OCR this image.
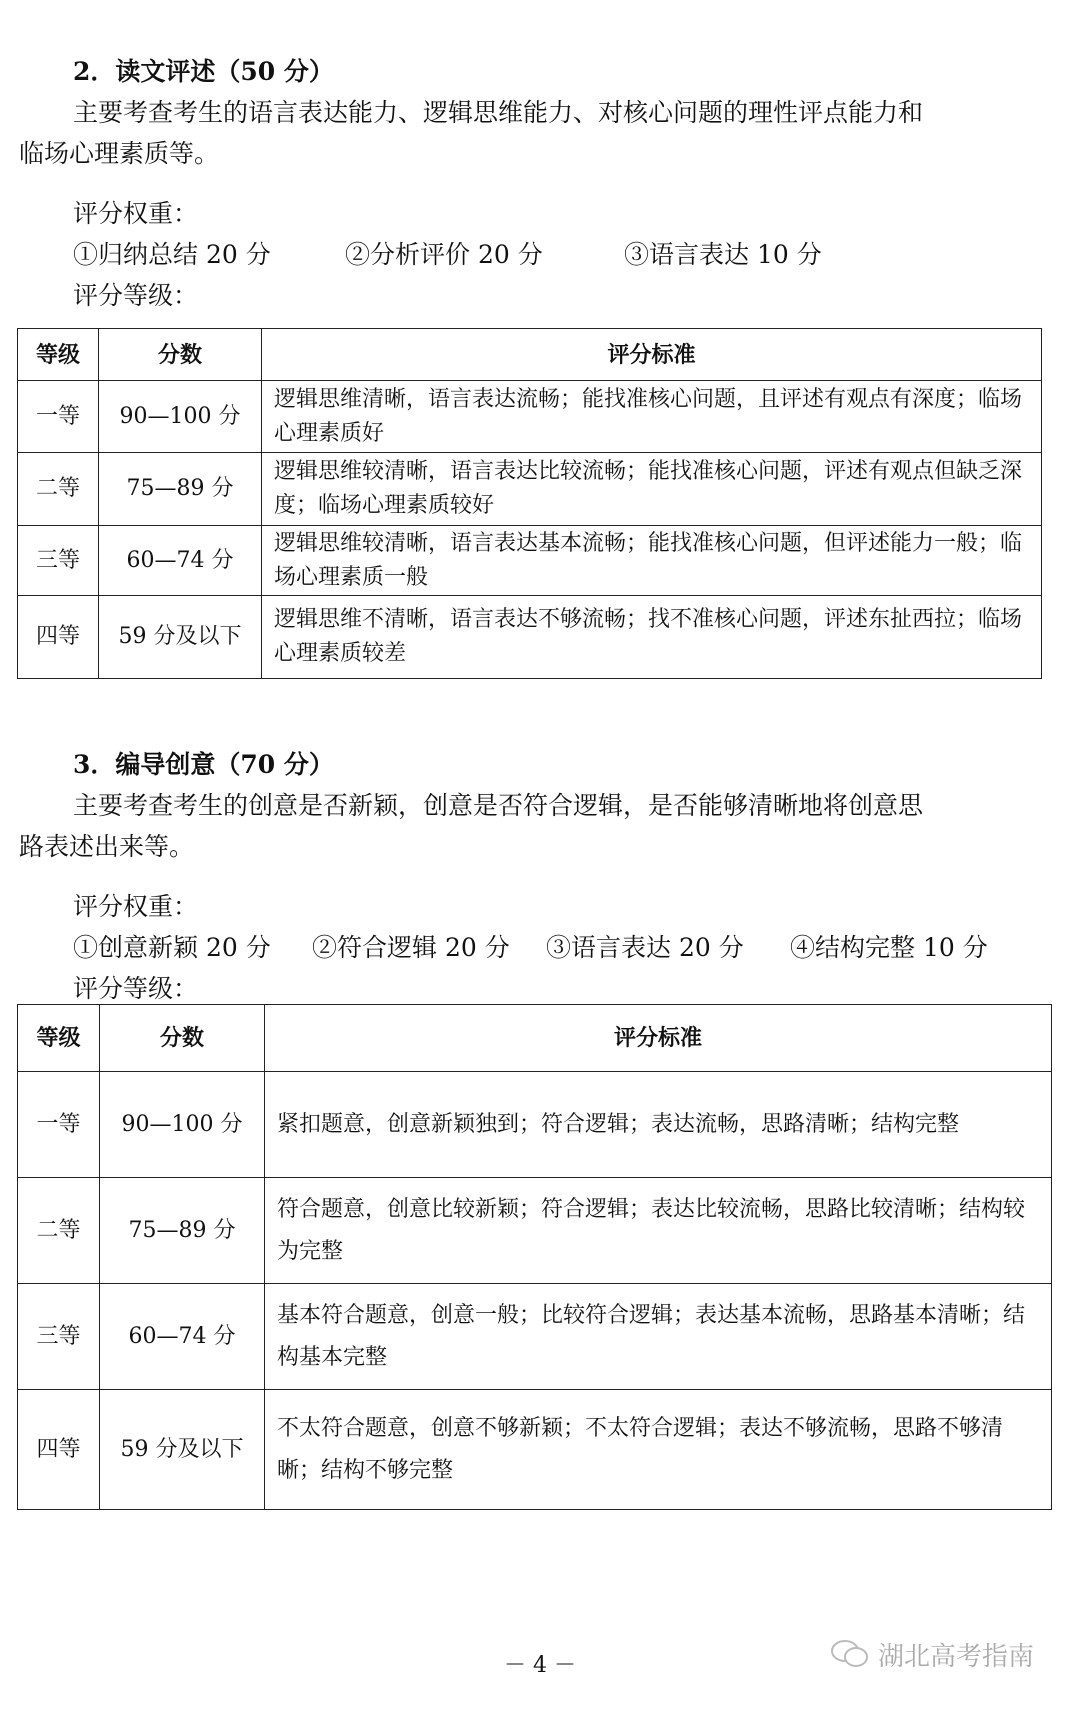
2．读文评述（50 分）
主要考查考生的语言表达能力、逻辑思维能力、对核心问题的理性评点能力和
临场心理素质等。
评分权重：
①归纳总结 20 分	②分析评价 20 分	③语言表达 10 分
评分等级：
等级	分数	评分标准
一等	90—100 分	逻辑思维清晰，语言表达流畅；能找准核心问题，且评述有观点有深度；临场心理素质好
二等	75—89 分	逻辑思维较清晰，语言表达比较流畅；能找准核心问题，评述有观点但缺乏深度；临场心理素质较好
三等	60—74 分	逻辑思维较清晰，语言表达基本流畅；能找准核心问题，但评述能力一般；临场心理素质一般
四等	59 分及以下	逻辑思维不清晰，语言表达不够流畅；找不准核心问题，评述东扯西拉；临场心理素质较差
3．编导创意（70 分）
主要考查考生的创意是否新颖，创意是否符合逻辑，是否能够清晰地将创意思
路表述出来等。
评分权重：
①创意新颖 20 分 ②符合逻辑 20 分 ③语言表达 20 分 ④结构完整 10 分
评分等级：
等级	分数	评分标准
一等	90—100 分	紧扣题意，创意新颖独到；符合逻辑；表达流畅，思路清晰；结构完整
二等	75—89 分	符合题意，创意比较新颖；符合逻辑；表达比较流畅，思路比较清晰；结构较为完整
三等	60—74 分	基本符合题意，创意一般；比较符合逻辑；表达基本流畅，思路基本清晰；结构基本完整
四等	59 分及以下	不太符合题意，创意不够新颖；不太符合逻辑；表达不够流畅，思路不够清晰；结构不够完整
湖北高考指南
－ 4 －
